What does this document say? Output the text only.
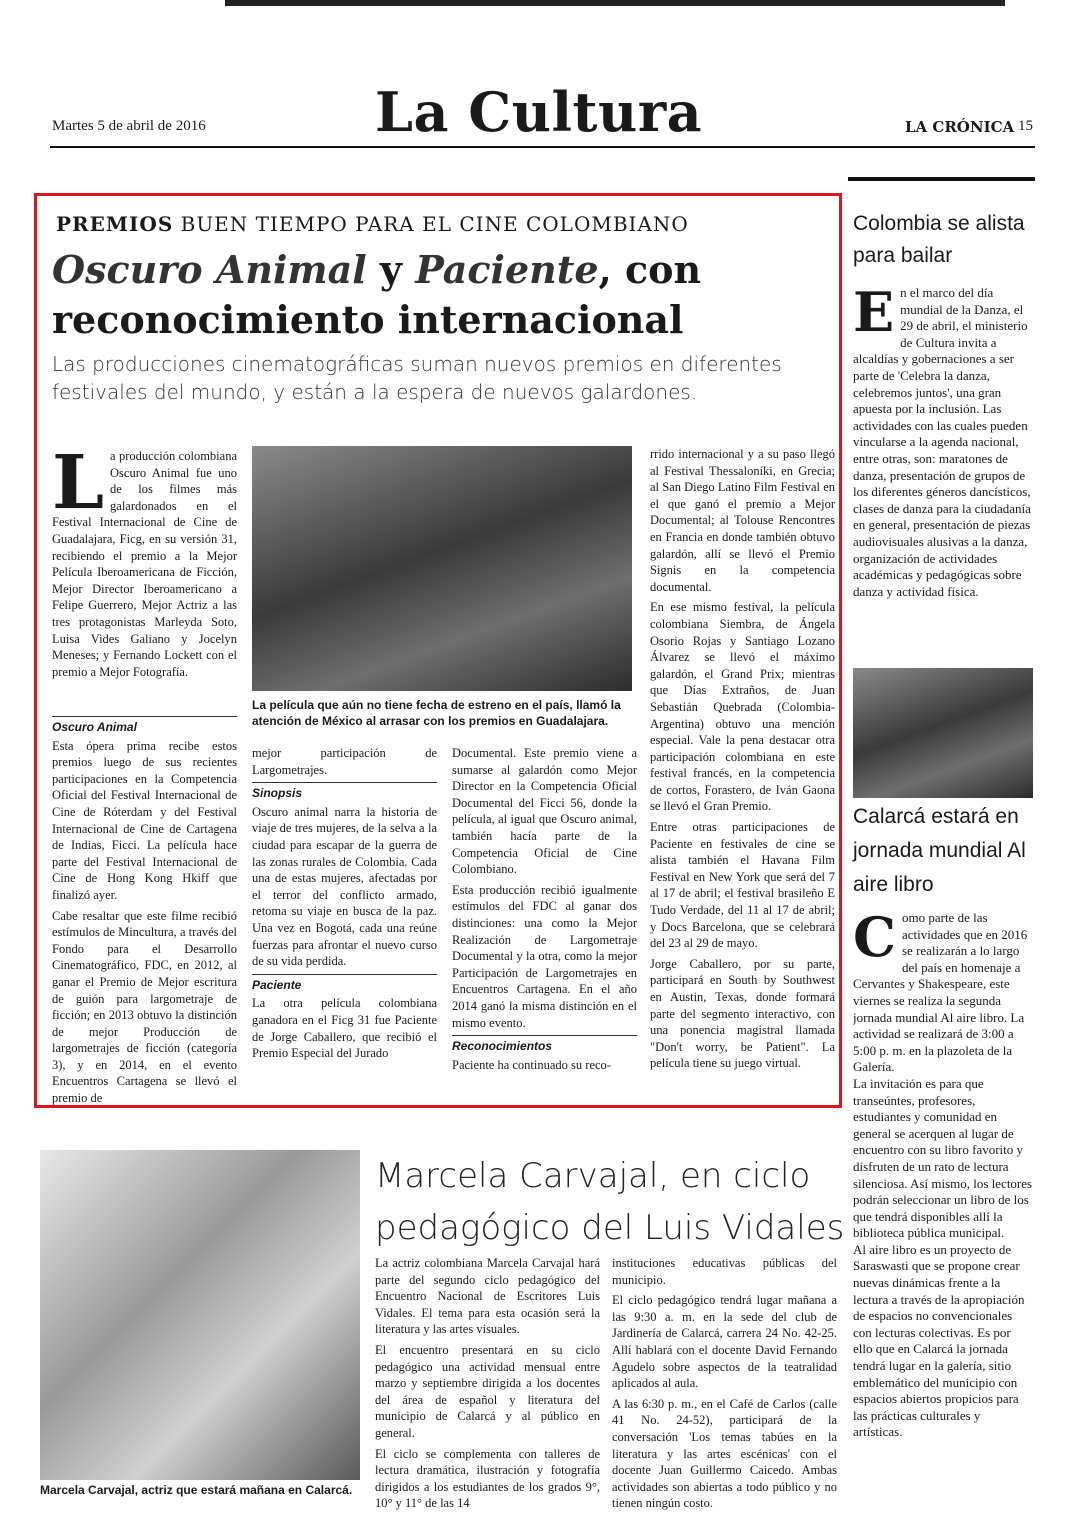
Martes 5 de abril de 2016	La Cultura	LA CRÓNICA 15
PREMIOS BUEN TIEMPO PARA EL CINE COLOMBIANO
Oscuro Animal y Paciente, con reconocimiento internacional
Las producciones cinematográficas suman nuevos premios en diferentes festivales del mundo, y están a la espera de nuevos galardones.
L a producción colombiana Oscuro Animal fue uno de los filmes más galardonados en el Festival Internacional de Cine de Guadalajara, Ficg, en su versión 31, recibiendo el premio a la Mejor Película Iberoamericana de Ficción, Mejor Director Iberoamericano a Felipe Guerrero, Mejor Actriz a las tres protagonistas Marleyda Soto, Luisa Vides Galiano y Jocelyn Meneses; y Fernando Lockett con el premio a Mejor Fotografía.
La película que aún no tiene fecha de estreno en el país, llamó la atención de México al arrasar con los premios en Guadalajara.
Oscuro Animal

Esta ópera prima recibe estos premios luego de sus recientes participaciones en la Competencia Oficial del Festival Internacional de Cine de Róterdam y del Festival Internacional de Cine de Cartagena de Indias, Ficci. La película hace parte del Festival Internacional de Cine de Hong Kong Hkiff que finalizó ayer.

Cabe resaltar que este filme recibió estímulos de Mincultura, a través del Fondo para el Desarrollo Cinematográfico, FDC, en 2012, al ganar el Premio de Mejor escritura de guión para largometraje de ficción; en 2013 obtuvo la distinción de mejor Producción de largometrajes de ficción (categoría 3), y en 2014, en el evento Encuentros Cartagena se llevó el premio de

mejor participación de Largometrajes.

Sinopsis

Oscuro animal narra la historia de viaje de tres mujeres, de la selva a la ciudad para escapar de la guerra de las zonas rurales de Colombia. Cada una de estas mujeres, afectadas por el terror del conflicto armado, retoma su viaje en busca de la paz. Una vez en Bogotá, cada una reúne fuerzas para afrontar el nuevo curso de su vida perdida.

Paciente

La otra película colombiana ganadora en el Ficg 31 fue Paciente de Jorge Caballero, que recibió el Premio Especial del Jurado

Documental. Este premio viene a sumarse al galardón como Mejor Director en la Competencia Oficial Documental del Ficci 56, donde la película, al igual que Oscuro animal, también hacía parte de la Competencia Oficial de Cine Colombiano.

Esta producción recibió igualmente estímulos del FDC al ganar dos distinciones: una como la Mejor Realización de Largometraje Documental y la otra, como la mejor Participación de Largometrajes en Encuentros Cartagena. En el año 2014 ganó la misma distinción en el mismo evento.

Reconocimientos

Paciente ha continuado su reco-

rrido internacional y a su paso llegó al Festival Thessaloníki, en Grecia; al San Diego Latino Film Festival en el que ganó el premio a Mejor Documental; al Tolouse Rencontres en Francia en donde también obtuvo galardón, allí se llevó el Premio Signis en la competencia documental.

En ese mismo festival, la película colombiana Siembra, de Ángela Osorio Rojas y Santiago Lozano Álvarez se llevó el máximo galardón, el Grand Prix; mientras que Días Extraños, de Juan Sebastián Quebrada (Colombia-Argentina) obtuvo una mención especial. Vale la pena destacar otra participación colombiana en este festival francés, en la competencia de cortos, Forastero, de Iván Gaona se llevó el Gran Premio.

Entre otras participaciones de Paciente en festivales de cine se alista también el Havana Film Festival en New York que será del 7 al 17 de abril; el festival brasileño E Tudo Verdade, del 11 al 17 de abril; y Docs Barcelona, que se celebrará del 23 al 29 de mayo.

Jorge Caballero, por su parte, participará en South by Southwest en Austin, Texas, donde formará parte del segmento interactivo, con una ponencia magistral llamada "Don't worry, be Patient". La película tiene su juego virtual.

Colombia se alista para bailar
E n el marco del día mundial de la Danza, el 29 de abril, el ministerio de Cultura invita a alcaldías y gobernaciones a ser parte de 'Celebra la danza, celebremos juntos', una gran apuesta por la inclusión. Las actividades con las cuales pueden vincularse a la agenda nacional, entre otras, son: maratones de danza, presentación de grupos de los diferentes géneros dancísticos, clases de danza para la ciudadanía en general, presentación de piezas audiovisuales alusivas a la danza, organización de actividades académicas y pedagógicas sobre danza y actividad física.
Calarcá estará en jornada mundial Al aire libro
C omo parte de las actividades que en 2016 se realizarán a lo largo del país en homenaje a Cervantes y Shakespeare, este viernes se realiza la segunda jornada mundial Al aire libro. La actividad se realizará de 3:00 a 5:00 p. m. en la plazoleta de la Galería.

La invitación es para que transeúntes, profesores, estudiantes y comunidad en general se acerquen al lugar de encuentro con su libro favorito y disfruten de un rato de lectura silenciosa. Así mismo, los lectores podrán seleccionar un libro de los que tendrá disponibles allí la biblioteca pública municipal.

Al aire libro es un proyecto de Saraswasti que se propone crear nuevas dinámicas frente a la lectura a través de la apropiación de espacios no convencionales con lecturas colectivas. Es por ello que en Calarcá la jornada tendrá lugar en la galería, sitio emblemático del municipio con espacios abiertos propicios para las prácticas culturales y artísticas.

Marcela Carvajal, actriz que estará mañana en Calarcá.
Marcela Carvajal, en ciclo pedagógico del Luis Vidales

La actriz colombiana Marcela Carvajal hará parte del segundo ciclo pedagógico del Encuentro Nacional de Escritores Luis Vidales. El tema para esta ocasión será la literatura y las artes visuales.

El encuentro presentará en su ciclo pedagógico una actividad mensual entre marzo y septiembre dirigida a los docentes del área de español y literatura del municipio de Calarcá y al público en general.

El ciclo se complementa con talleres de lectura dramática, ilustración y fotografía dirigidos a los estudiantes de los grados 9°, 10° y 11° de las 14

instituciones educativas públicas del municipio.

El ciclo pedagógico tendrá lugar mañana a las 9:30 a. m. en la sede del club de Jardinería de Calarcá, carrera 24 No. 42-25. Allí hablará con el docente David Fernando Agudelo sobre aspectos de la teatralidad aplicados al aula.

A las 6:30 p. m., en el Café de Carlos (calle 41 No. 24-52), participará de la conversación 'Los temas tabúes en la literatura y las artes escénicas' con el docente Juan Guillermo Caicedo. Ambas actividades son abiertas a todo público y no tienen ningún costo.
